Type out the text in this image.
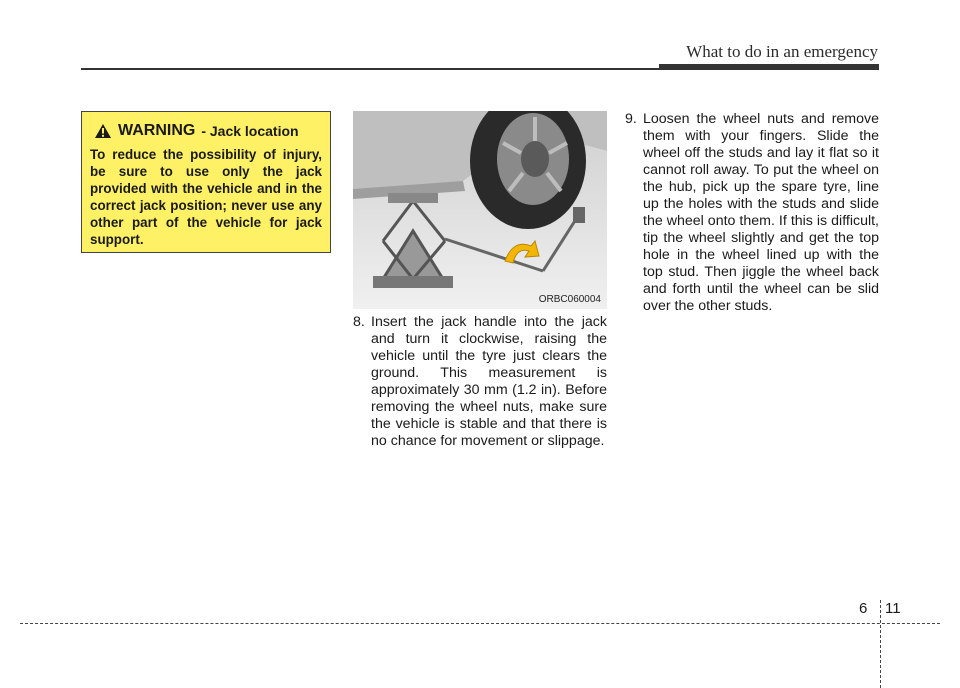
What to do in an emergency
WARNING - Jack location
To reduce the possibility of injury, be sure to use only the jack provided with the vehicle and in the correct jack position; never use any other part of the vehicle for jack support.
ORBC060004
8. Insert the jack handle into the jack and turn it clockwise, raising the vehicle until the tyre just clears the ground. This measurement is approximately 30 mm (1.2 in). Before removing the wheel nuts, make sure the vehicle is stable and that there is no chance for movement or slippage.
9. Loosen the wheel nuts and remove them with your fingers. Slide the wheel off the studs and lay it flat so it cannot roll away. To put the wheel on the hub, pick up the spare tyre, line up the holes with the studs and slide the wheel onto them. If this is difficult, tip the wheel slightly and get the top hole in the wheel lined up with the top stud. Then jiggle the wheel back and forth until the wheel can be slid over the other studs.
6 11
